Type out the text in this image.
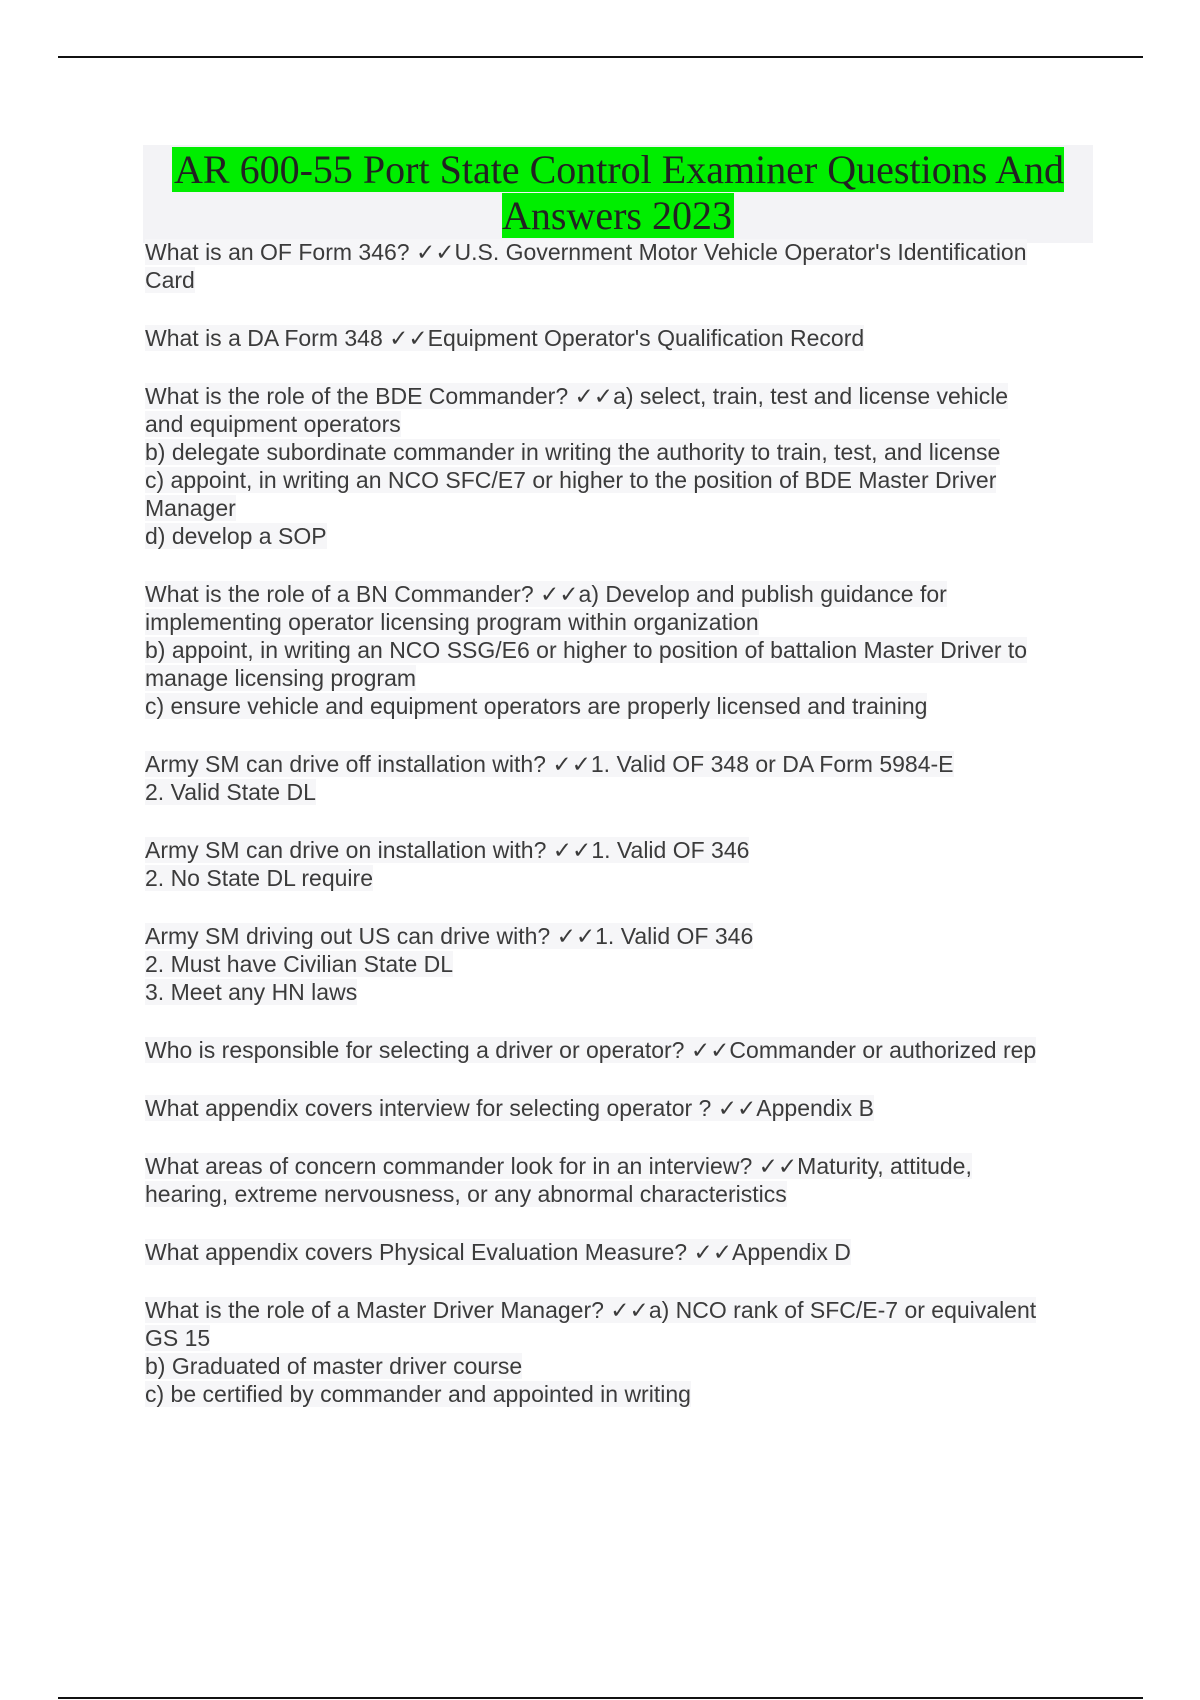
AR 600-55 Port State Control Examiner Questions And Answers 2023

What is an OF Form 346? ✓✓U.S. Government Motor Vehicle Operator's Identification

Card

What is a DA Form 348 ✓✓Equipment Operator's Qualification Record

What is the role of the BDE Commander? ✓✓a) select, train, test and license vehicle

and equipment operators

b) delegate subordinate commander in writing the authority to train, test, and license

c) appoint, in writing an NCO SFC/E7 or higher to the position of BDE Master Driver

Manager

d) develop a SOP

What is the role of a BN Commander? ✓✓a) Develop and publish guidance for

implementing operator licensing program within organization

b) appoint, in writing an NCO SSG/E6 or higher to position of battalion Master Driver to

manage licensing program

c) ensure vehicle and equipment operators are properly licensed and training

Army SM can drive off installation with? ✓✓1. Valid OF 348 or DA Form 5984-E

2. Valid State DL

Army SM can drive on installation with? ✓✓1. Valid OF 346

2. No State DL require

Army SM driving out US can drive with? ✓✓1. Valid OF 346

2. Must have Civilian State DL

3. Meet any HN laws

Who is responsible for selecting a driver or operator? ✓✓Commander or authorized rep

What appendix covers interview for selecting operator ? ✓✓Appendix B

What areas of concern commander look for in an interview? ✓✓Maturity, attitude,

hearing, extreme nervousness, or any abnormal characteristics

What appendix covers Physical Evaluation Measure? ✓✓Appendix D

What is the role of a Master Driver Manager? ✓✓a) NCO rank of SFC/E-7 or equivalent

GS 15

b) Graduated of master driver course

c) be certified by commander and appointed in writing
